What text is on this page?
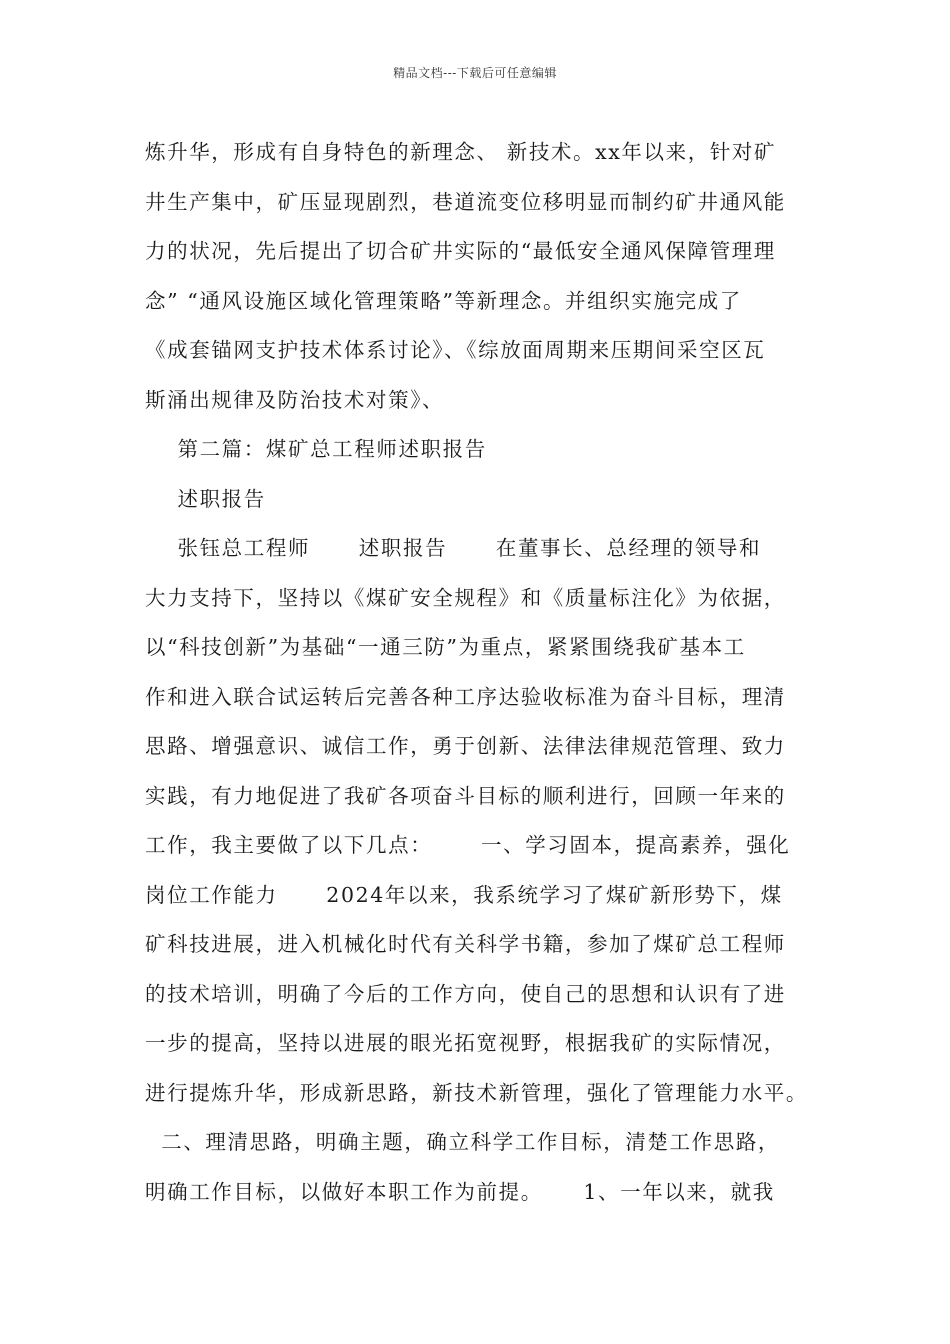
精品文档---下载后可任意编辑
炼升华，形成有自身特色的新理念、 新技术。xx年以来，针对矿
井生产集中，矿压显现剧烈，巷道流变位移明显而制约矿井通风能
力的状况，先后提出了切合矿井实际的“最低安全通风保障管理理
念” “通风设施区域化管理策略”等新理念。并组织实施完成了
《成套锚网支护技术体系讨论》、《综放面周期来压期间采空区瓦
斯涌出规律及防治技术对策》、
第二篇：煤矿总工程师述职报告
述职报告
张钰总工程师      述职报告      在董事长、总经理的领导和
大力支持下，坚持以《煤矿安全规程》和《质量标注化》为依据，
以“科技创新”为基础“一通三防”为重点，紧紧围绕我矿基本工
作和进入联合试运转后完善各种工序达验收标准为奋斗目标，理清
思路、增强意识、诚信工作，勇于创新、法律法律规范管理、致力
实践，有力地促进了我矿各项奋斗目标的顺利进行，回顾一年来的
工作，我主要做了以下几点：      一、学习固本，提高素养，强化
岗位工作能力      2024年以来，我系统学习了煤矿新形势下，煤
矿科技进展，进入机械化时代有关科学书籍，参加了煤矿总工程师
的技术培训，明确了今后的工作方向，使自己的思想和认识有了进
一步的提高，坚持以进展的眼光拓宽视野，根据我矿的实际情况，
进行提炼升华，形成新思路，新技术新管理，强化了管理能力水平。
二、理清思路，明确主题，确立科学工作目标，清楚工作思路，
明确工作目标，以做好本职工作为前提。     1、一年以来，就我
